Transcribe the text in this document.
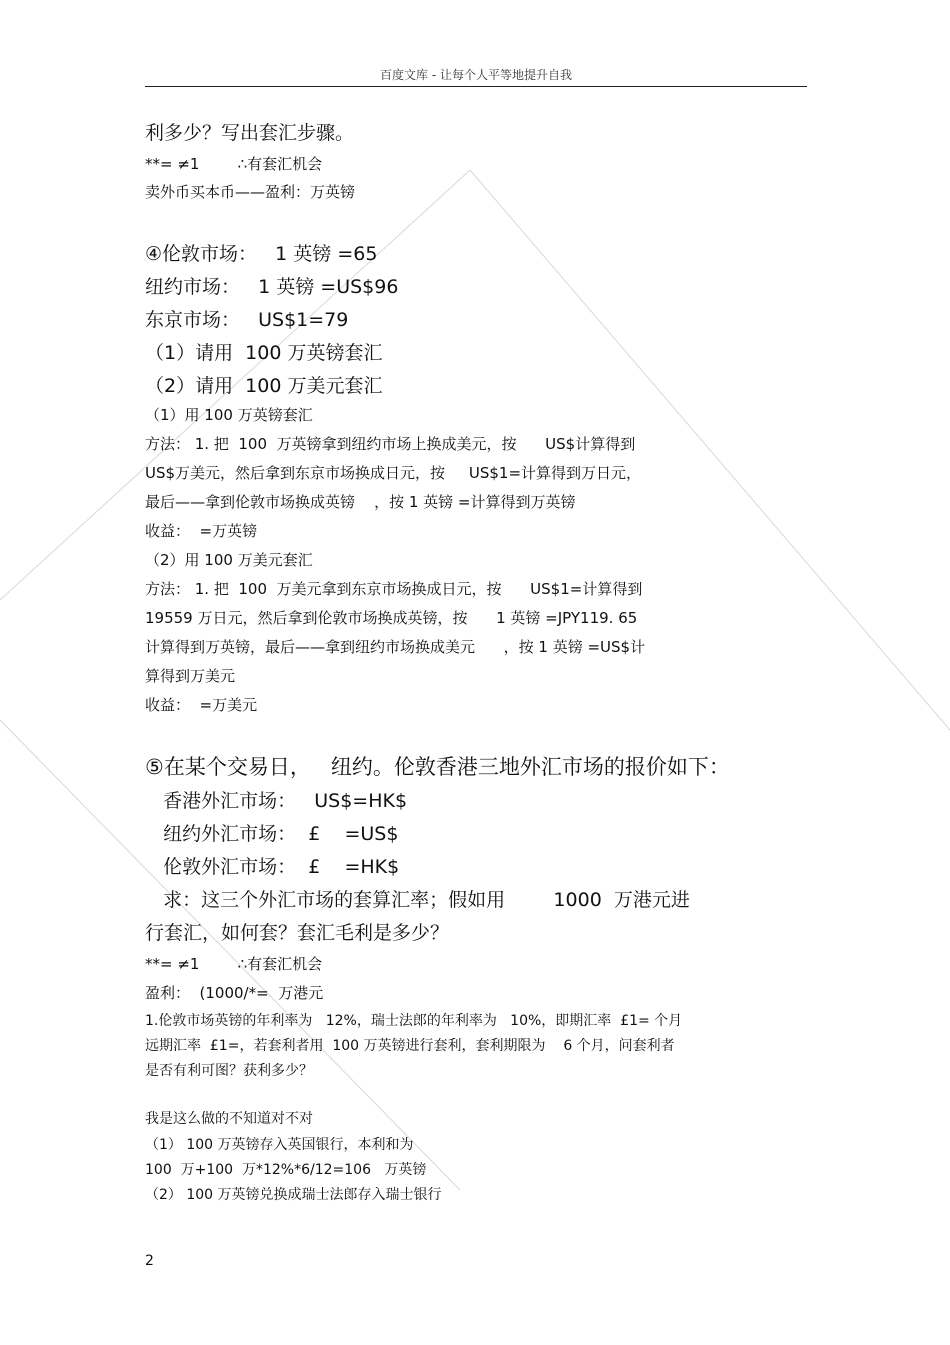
百度文库 - 让每个人平等地提升自我
利多少？写出套汇步骤。
**= ≠1        ∴有套汇机会
卖外币买本币——盈利：万英镑
④伦敦市场：   1 英镑 =65
纽约市场：   1 英镑 =US$96
东京市场：   US$1=79
（1）请用  100 万英镑套汇
（2）请用  100 万美元套汇
（1）用 100 万英镑套汇
方法： 1. 把  100  万英镑拿到纽约市场上换成美元，按      US$计算得到
US$万美元，然后拿到东京市场换成日元，按     US$1=计算得到万日元，
最后——拿到伦敦市场换成英镑    ，按 1 英镑 =计算得到万英镑
收益：  =万英镑
（2）用 100 万美元套汇
方法： 1. 把  100  万美元拿到东京市场换成日元，按      US$1=计算得到
19559 万日元，然后拿到伦敦市场换成英镑，按      1 英镑 =JPY119. 65
计算得到万英镑，最后——拿到纽约市场换成美元      ，按 1 英镑 =US$计
算得到万美元
收益：  =万美元
⑤在某个交易日，   纽约。伦敦香港三地外汇市场的报价如下：
香港外汇市场：   US$=HK$
纽约外汇市场：  £    =US$
伦敦外汇市场：  £    =HK$
求：这三个外汇市场的套算汇率；假如用        1000  万港元进
行套汇，如何套？套汇毛利是多少？
**= ≠1        ∴有套汇机会
盈利：  (1000/*=  万港元
1.伦敦市场英镑的年利率为   12%，瑞士法郎的年利率为   10%，即期汇率  £1= 个月
远期汇率  £1=，若套利者用  100 万英镑进行套利，套利期限为    6 个月，问套利者
是否有利可图？获利多少？
我是这么做的不知道对不对
（1） 100 万英镑存入英国银行，本利和为
100  万+100  万*12%*6/12=106   万英镑
（2） 100 万英镑兑换成瑞士法郎存入瑞士银行
2
